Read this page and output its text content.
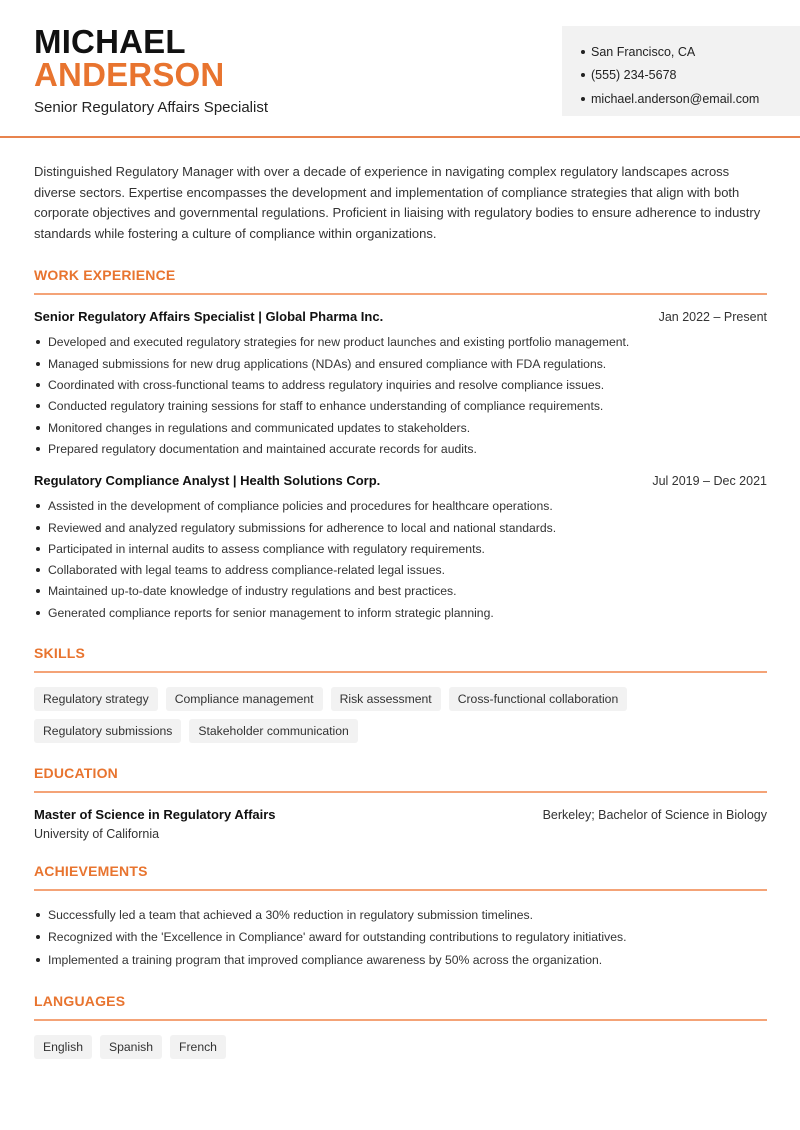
MICHAEL
ANDERSON
Senior Regulatory Affairs Specialist
San Francisco, CA
(555) 234-5678
michael.anderson@email.com

Distinguished Regulatory Manager with over a decade of experience in navigating complex regulatory landscapes across diverse sectors. Expertise encompasses the development and implementation of compliance strategies that align with both corporate objectives and governmental regulations. Proficient in liaising with regulatory bodies to ensure adherence to industry standards while fostering a culture of compliance within organizations.

WORK EXPERIENCE
Senior Regulatory Affairs Specialist | Global Pharma Inc.	Jan 2022 – Present
Developed and executed regulatory strategies for new product launches and existing portfolio management.
Managed submissions for new drug applications (NDAs) and ensured compliance with FDA regulations.
Coordinated with cross-functional teams to address regulatory inquiries and resolve compliance issues.
Conducted regulatory training sessions for staff to enhance understanding of compliance requirements.
Monitored changes in regulations and communicated updates to stakeholders.
Prepared regulatory documentation and maintained accurate records for audits.
Regulatory Compliance Analyst | Health Solutions Corp.	Jul 2019 – Dec 2021
Assisted in the development of compliance policies and procedures for healthcare operations.
Reviewed and analyzed regulatory submissions for adherence to local and national standards.
Participated in internal audits to assess compliance with regulatory requirements.
Collaborated with legal teams to address compliance-related legal issues.
Maintained up-to-date knowledge of industry regulations and best practices.
Generated compliance reports for senior management to inform strategic planning.
SKILLS
Regulatory strategy	Compliance management	Risk assessment	Cross-functional collaboration
Regulatory submissions	Stakeholder communication
EDUCATION
Master of Science in Regulatory Affairs	Berkeley; Bachelor of Science in Biology
University of California
ACHIEVEMENTS
Successfully led a team that achieved a 30% reduction in regulatory submission timelines.
Recognized with the 'Excellence in Compliance' award for outstanding contributions to regulatory initiatives.
Implemented a training program that improved compliance awareness by 50% across the organization.
LANGUAGES
English	Spanish	French
